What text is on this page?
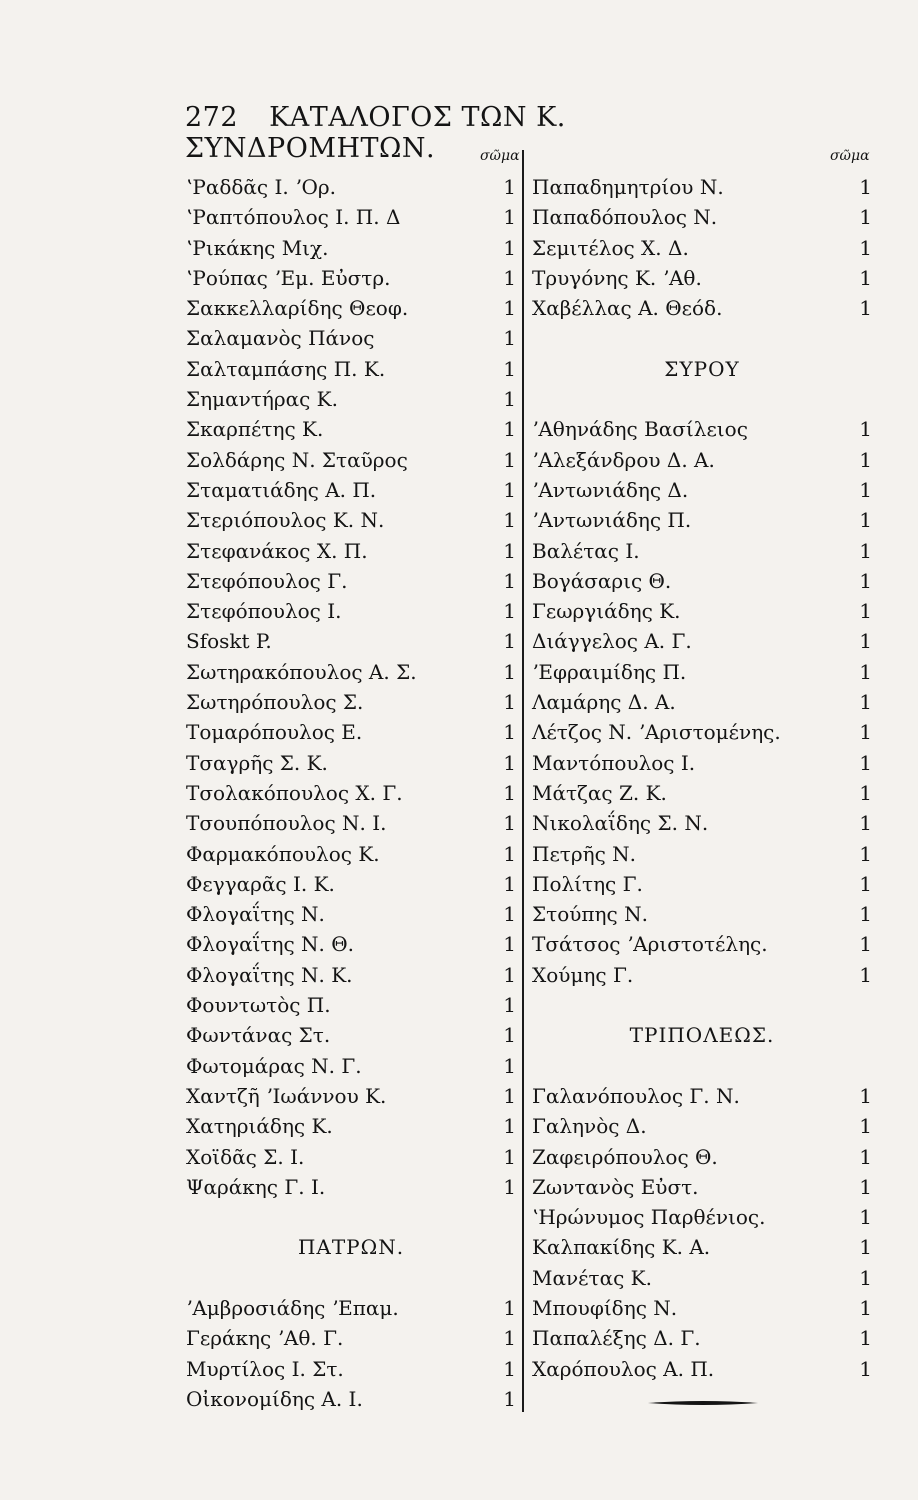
272 ΚΑΤΑΛΟΓΟΣ ΤΩΝ Κ. ΣΥΝΔΡΟΜΗΤΩΝ.	σῶμα	σῶμα
ʽΡαδδᾶς Ι. ʼΟρ.	1
ʽΡαπτόπουλος Ι. Π. Δ	1
ʽΡικάκης Μιχ.	1
ʽΡούπας ʼΕμ. Εὐστρ.	1
Σακκελλαρίδης Θεοφ.	1
Σαλαμανὸς Πάνος	1
Σαλταμπάσης Π. Κ.	1
Σημαντήρας Κ.	1
Σκαρπέτης Κ.	1
Σολδάρης Ν. Σταῦρος	1
Σταματιάδης Α. Π.	1
Στεριόπουλος Κ. Ν.	1
Στεφανάκος Χ. Π.	1
Στεφόπουλος Γ.	1
Στεφόπουλος Ι.	1
Sfoskt P.	1
Σωτηρακόπουλος Α. Σ.	1
Σωτηρόπουλος Σ.	1
Τομαρόπουλος Ε.	1
Τσαγρῆς Σ. Κ.	1
Τσολακόπουλος Χ. Γ.	1
Τσουπόπουλος Ν. Ι.	1
Φαρμακόπουλος Κ.	1
Φεγγαρᾶς Ι. Κ.	1
Φλογαΐτης Ν.	1
Φλογαΐτης Ν. Θ.	1
Φλογαΐτης Ν. Κ.	1
Φουντωτὸς Π.	1
Φωντάνας Στ.	1
Φωτομάρας Ν. Γ.	1
Χαντζῆ ʼΙωάννου Κ.	1
Χατηριάδης Κ.	1
Χοϊδᾶς Σ. Ι.	1
Ψαράκης Γ. Ι.	1
ΠΑΤΡΩΝ.
ʼΑμβροσιάδης ʼΕπαμ.	1
Γεράκης ʼΑθ. Γ.	1
Μυρτίλος Ι. Στ.	1
Οἰκονομίδης Α. Ι.	1
Παπαδημητρίου Ν.	1
Παπαδόπουλος Ν.	1
Σεμιτέλος Χ. Δ.	1
Τρυγόνης Κ. ʼΑθ.	1
Χαβέλλας Α. Θεόδ.	1
ΣΥΡΟΥ
ʼΑθηνάδης Βασίλειος	1
ʼΑλεξάνδρου Δ. Α.	1
ʼΑντωνιάδης Δ.	1
ʼΑντωνιάδης Π.	1
Βαλέτας Ι.	1
Βογάσαρις Θ.	1
Γεωργιάδης Κ.	1
Διάγγελος Α. Γ.	1
ʼΕφραιμίδης Π.	1
Λαμάρης Δ. Α.	1
Λέτζος Ν. ʼΑριστομένης.	1
Μαντόπουλος Ι.	1
Μάτζας Ζ. Κ.	1
Νικολαΐδης Σ. Ν.	1
Πετρῆς Ν.	1
Πολίτης Γ.	1
Στούπης Ν.	1
Τσάτσος ʼΑριστοτέλης.	1
Χούμης Γ.	1
ΤΡΙΠΟΛΕΩΣ.
Γαλανόπουλος Γ. Ν.	1
Γαληνὸς Δ.	1
Ζαφειρόπουλος Θ.	1
Ζωντανὸς Εὐστ.	1
ʽΗρώνυμος Παρθένιος.	1
Καλπακίδης Κ. Α.	1
Μανέτας Κ.	1
Μπουφίδης Ν.	1
Παπαλέξης Δ. Γ.	1
Χαρόπουλος Α. Π.	1
